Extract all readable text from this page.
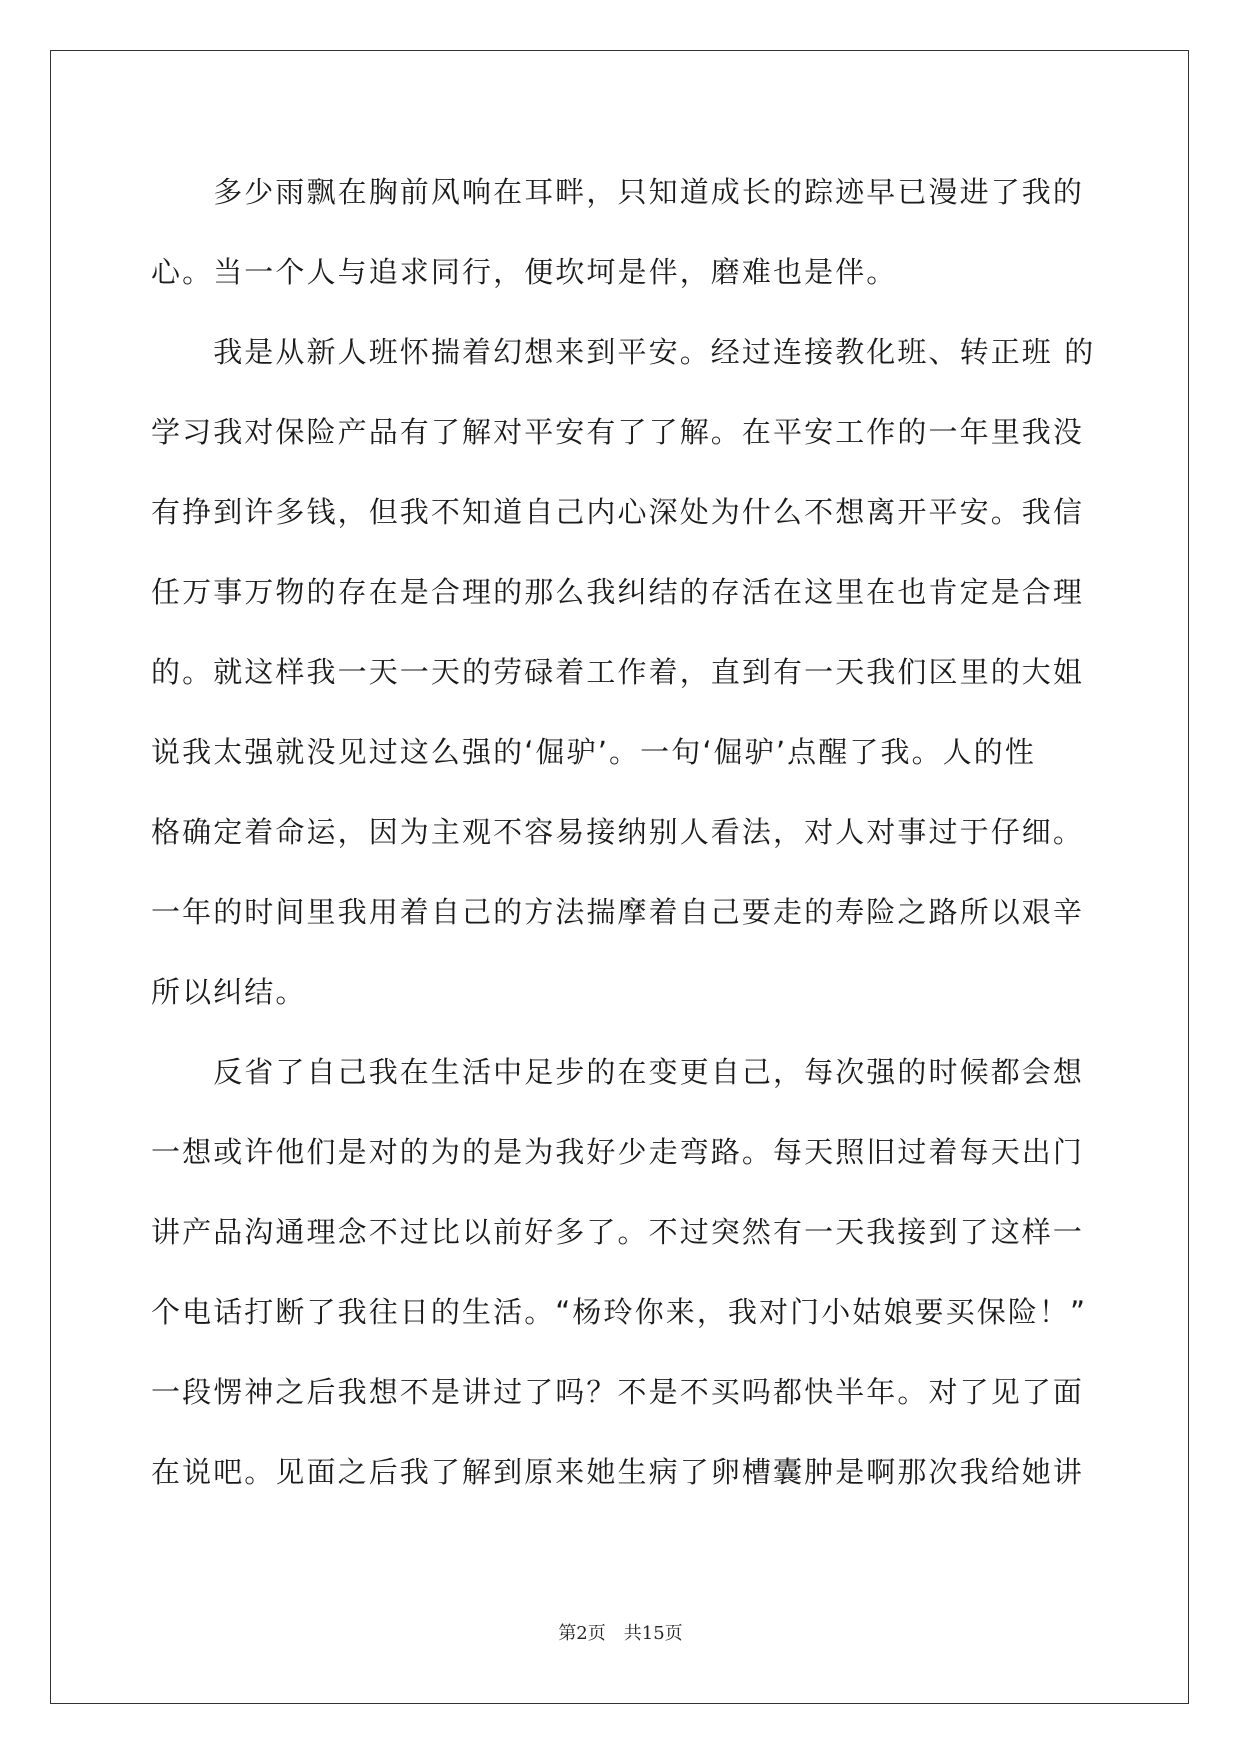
　　多少雨飘在胸前风响在耳畔，只知道成长的踪迹早已漫进了我的
心。当一个人与追求同行，便坎坷是伴，磨难也是伴。
　　我是从新人班怀揣着幻想来到平安。经过连接教化班、转正班 的
学习我对保险产品有了解对平安有了了解。在平安工作的一年里我没
有挣到许多钱，但我不知道自己内心深处为什么不想离开平安。我信
任万事万物的存在是合理的那么我纠结的存活在这里在也肯定是合理
的。就这样我一天一天的劳碌着工作着，直到有一天我们区里的大姐
说我太强就没见过这么强的‘倔驴’。一句‘倔驴’点醒了我。人的性
格确定着命运，因为主观不容易接纳别人看法，对人对事过于仔细。
一年的时间里我用着自己的方法揣摩着自己要走的寿险之路所以艰辛
所以纠结。
　　反省了自己我在生活中足步的在变更自己，每次强的时候都会想
一想或许他们是对的为的是为我好少走弯路。每天照旧过着每天出门
讲产品沟通理念不过比以前好多了。不过突然有一天我接到了这样一
个电话打断了我往日的生活。“杨玲你来，我对门小姑娘要买保险！”
一段愣神之后我想不是讲过了吗？不是不买吗都快半年。对了见了面
在说吧。见面之后我了解到原来她生病了卵槽囊肿是啊那次我给她讲
第2页　共15页
